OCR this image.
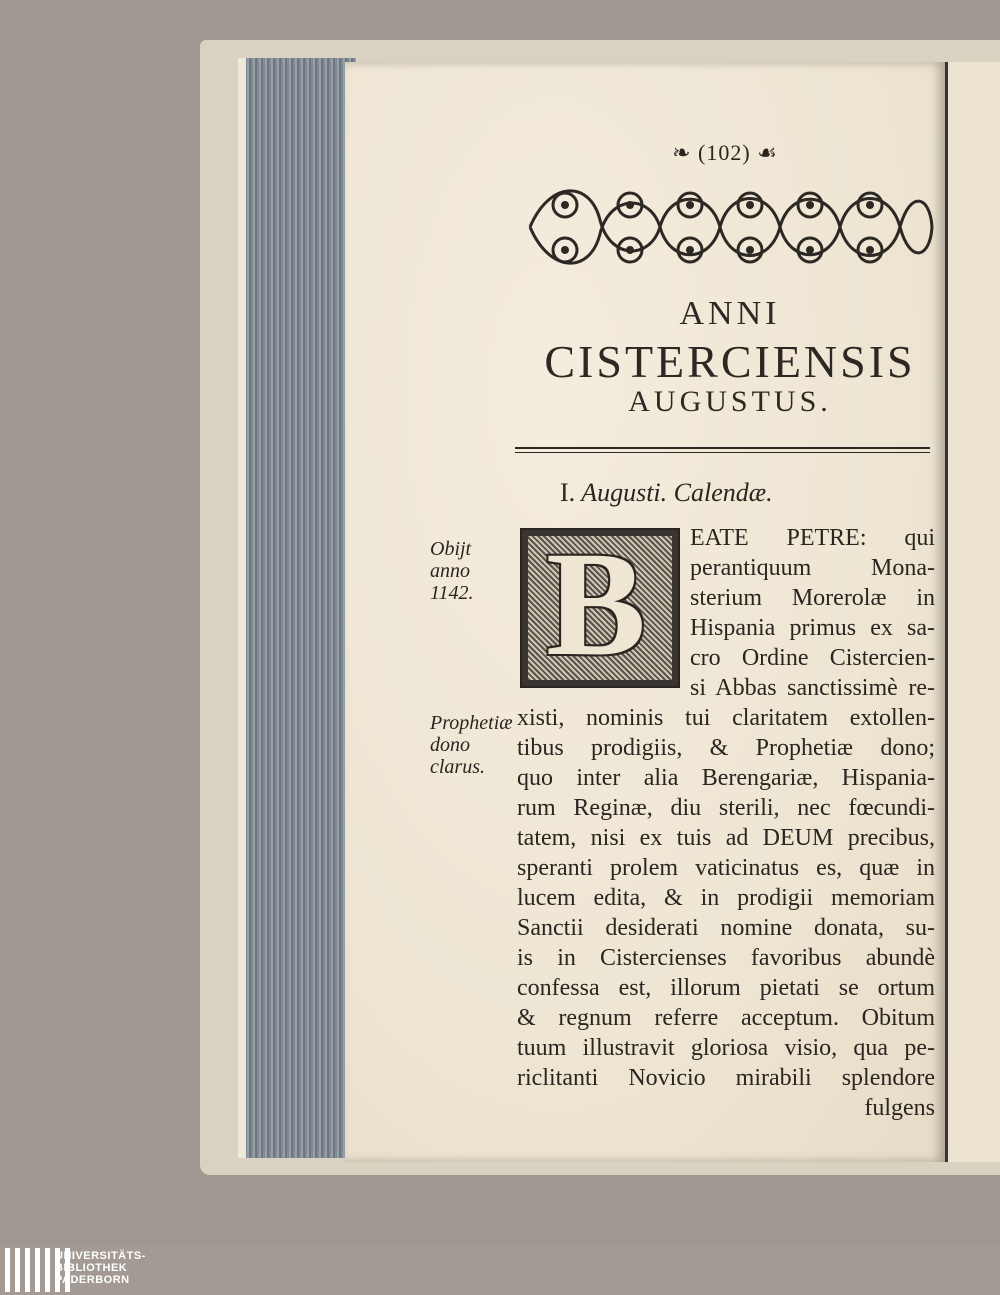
❧ (102) ☙
ANNI
CISTERCIENSIS
AUGUSTUS.
I. Augusti. Calendæ.
Obijt anno 1142.
Prophetiæ dono clarus.
B	EATE PETRE: qui
perantiquum Mona-
sterium Morerolæ in
Hispania primus ex sa-
cro Ordine Cistercien-
si Abbas sanctissimè re-
xisti, nominis tui claritatem extollen-
tibus prodigiis, & Prophetiæ dono;
quo inter alia Berengariæ, Hispania-
rum Reginæ, diu sterili, nec fœcundi-
tatem, nisi ex tuis ad DEUM precibus,
speranti prolem vaticinatus es, quæ in
lucem edita, & in prodigii memoriam
Sanctii desiderati nomine donata, su-
is in Cistercienses favoribus abundè
confessa est, illorum pietati se ortum
& regnum referre acceptum. Obitum
tuum illustravit gloriosa visio, qua pe-
riclitanti Novicio mirabili splendore
fulgens
UNIVERSITÄTS-
BIBLIOTHEK
PADERBORN
